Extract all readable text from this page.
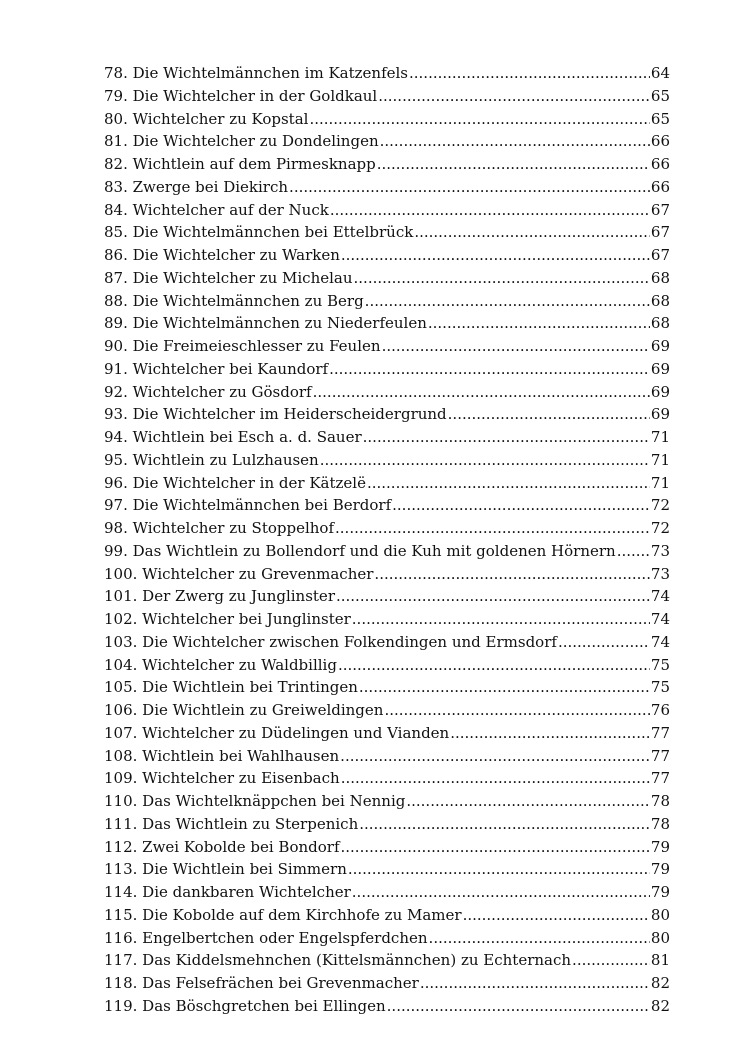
78. Die Wichtelmännchen im Katzenfels .....	64
79. Die Wichtelcher in der Goldkaul .....	65
80. Wichtelcher zu Kopstal .....	65
81. Die Wichtelcher zu Dondelingen .....	66
82. Wichtlein auf dem Pirmesknapp .....	66
83. Zwerge bei Diekirch .....	66
84. Wichtelcher auf der Nuck .....	67
85. Die Wichtelmännchen bei Ettelbrück .....	67
86. Die Wichtelcher zu Warken .....	67
87. Die Wichtelcher zu Michelau .....	68
88. Die Wichtelmännchen zu Berg .....	68
89. Die Wichtelmännchen zu Niederfeulen .....	68
90. Die Freimeieschlesser zu Feulen .....	69
91. Wichtelcher bei Kaundorf .....	69
92. Wichtelcher zu Gösdorf .....	69
93. Die Wichtelcher im Heiderscheidergrund .....	69
94. Wichtlein bei Esch a. d. Sauer .....	71
95. Wichtlein zu Lulzhausen .....	71
96. Die Wichtelcher in der Kätzelë .....	71
97. Die Wichtelmännchen bei Berdorf .....	72
98. Wichtelcher zu Stoppelhof .....	72
99. Das Wichtlein zu Bollendorf und die Kuh mit goldenen Hörnern ..... 73
100. Wichtelcher zu Grevenmacher .....	73
101. Der Zwerg zu Junglinster .....	74
102. Wichtelcher bei Junglinster .....	74
103. Die Wichtelcher zwischen Folkendingen und Ermsdorf .....	74
104. Wichtelcher zu Waldbillig .....	75
105. Die Wichtlein bei Trintingen .....	75
106. Die Wichtlein zu Greiweldingen .....	76
107. Wichtelcher zu Düdelingen und Vianden .....	77
108. Wichtlein bei Wahlhausen .....	77
109. Wichtelcher zu Eisenbach .....	77
110. Das Wichtelknäppchen bei Nennig .....	78
111. Das Wichtlein zu Sterpenich .....	78
112. Zwei Kobolde bei Bondorf .....	79
113. Die Wichtlein bei Simmern .....	79
114. Die dankbaren Wichtelcher .....	79
115. Die Kobolde auf dem Kirchhofe zu Mamer .....	80
116. Engelbertchen oder Engelspferdchen .....	80
117. Das Kiddelsmehnchen (Kittelsmännchen) zu Echternach .....	81
118. Das Felsefrächen bei Grevenmacher .....	82
119. Das Böschgretchen bei Ellingen .....	82
